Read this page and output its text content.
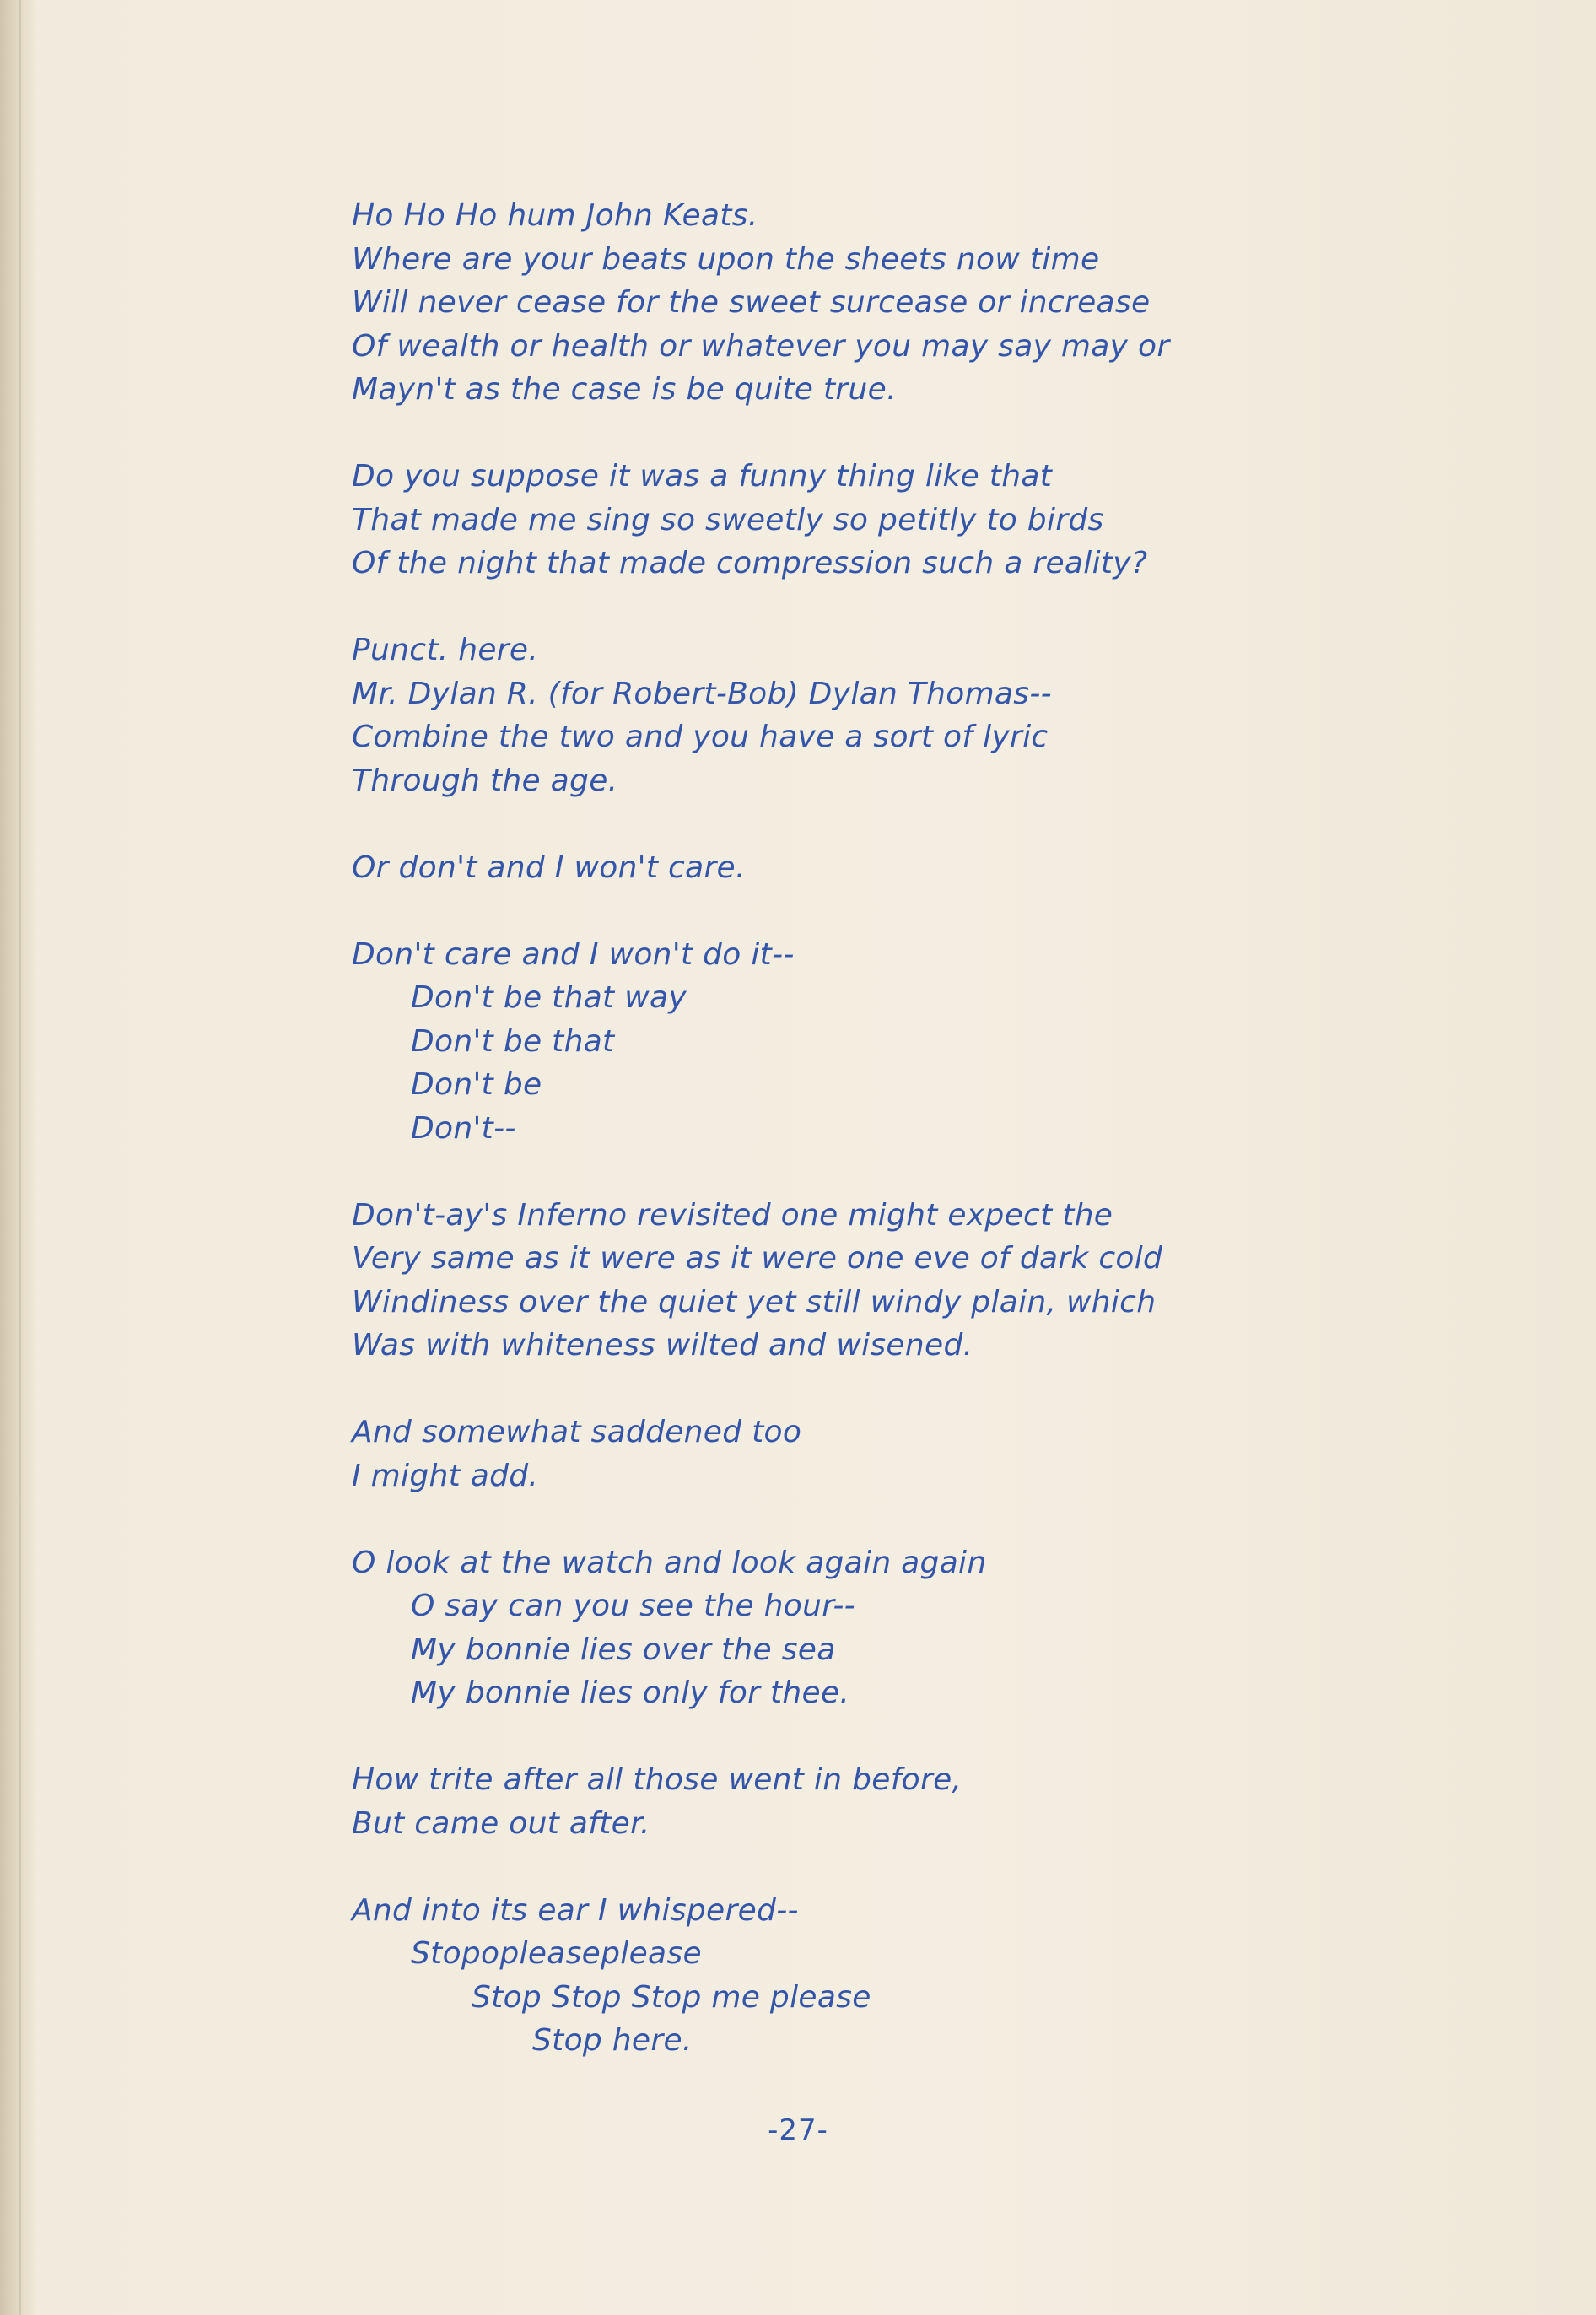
Ho Ho Ho hum John Keats.
Where are your beats upon the sheets now time
Will never cease for the sweet surcease or increase
Of wealth or health or whatever you may say may or
Mayn't as the case is be quite true.
Do you suppose it was a funny thing like that
That made me sing so sweetly so petitly to birds
Of the night that made compression such a reality?
Punct. here.
Mr. Dylan R. (for Robert-Bob) Dylan Thomas--
Combine the two and you have a sort of lyric
Through the age.
Or don't and I won't care.
Don't care and I won't do it--
Don't be that way
Don't be that
Don't be
Don't--
Don't-ay's Inferno revisited one might expect the
Very same as it were as it were one eve of dark cold
Windiness over the quiet yet still windy plain, which
Was with whiteness wilted and wisened.
And somewhat saddened too
I might add.
O look at the watch and look again again
O say can you see the hour--
My bonnie lies over the sea
My bonnie lies only for thee.
How trite after all those went in before,
But came out after.
And into its ear I whispered--
Stopopleaseplease
Stop Stop Stop me please
Stop here.
-27-
